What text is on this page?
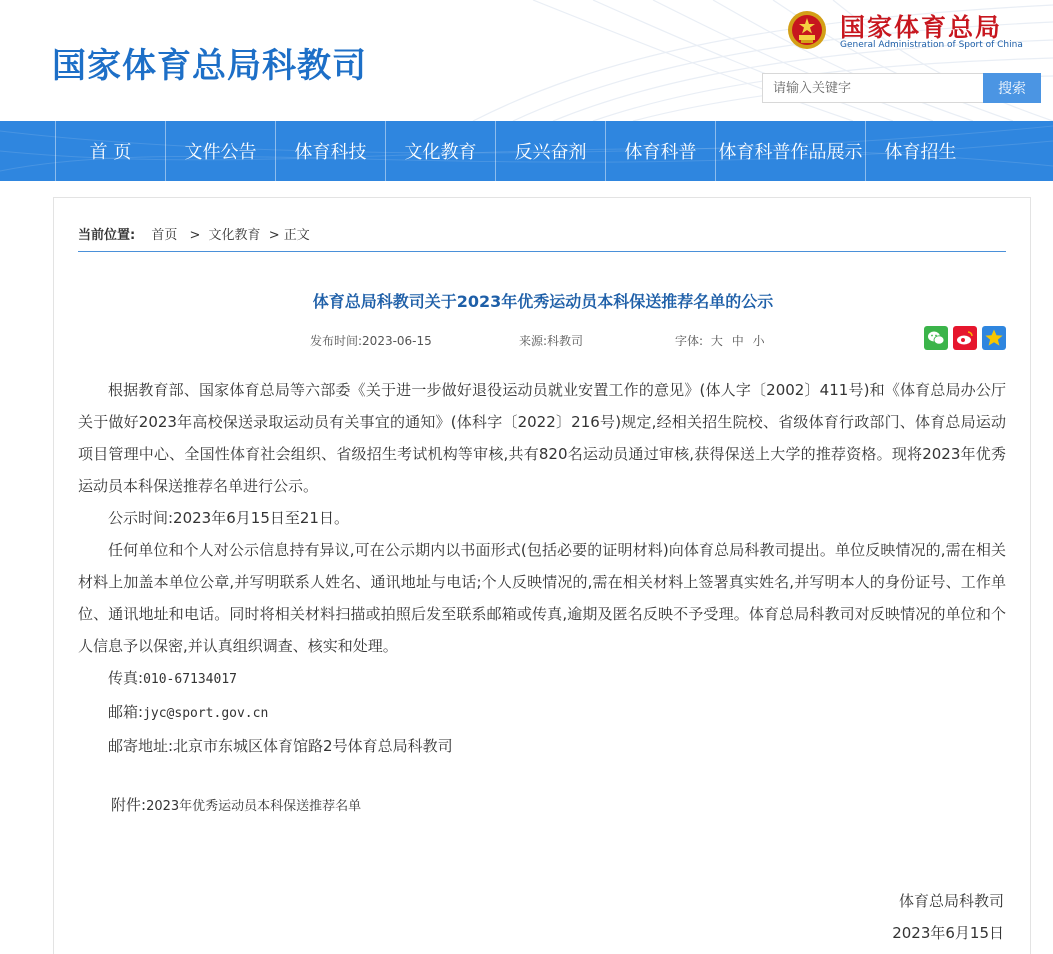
国家体育总局科教司
国家体育总局
General Administration of Sport of China
请输入关键字
搜索
首 页	文件公告	体育科技	文化教育	反兴奋剂	体育科普	体育科普作品展示	体育招生
当前位置: 首页 > 文化教育 > 正文
体育总局科教司关于2023年优秀运动员本科保送推荐名单的公示
发布时间:2023-06-15	来源:科教司	字体: 大 中 小

根据教育部、国家体育总局等六部委《关于进一步做好退役运动员就业安置工作的意见》(体人字〔2002〕411号)和《体育总局办公厅关于做好2023年高校保送录取运动员有关事宜的通知》(体科字〔2022〕216号)规定,经相关招生院校、省级体育行政部门、体育总局运动项目管理中心、全国性体育社会组织、省级招生考试机构等审核,共有820名运动员通过审核,获得保送上大学的推荐资格。现将2023年优秀运动员本科保送推荐名单进行公示。

公示时间:2023年6月15日至21日。

任何单位和个人对公示信息持有异议,可在公示期内以书面形式(包括必要的证明材料)向体育总局科教司提出。单位反映情况的,需在相关材料上加盖本单位公章,并写明联系人姓名、通讯地址与电话;个人反映情况的,需在相关材料上签署真实姓名,并写明本人的身份证号、工作单位、通讯地址和电话。同时将相关材料扫描或拍照后发至联系邮箱或传真,逾期及匿名反映不予受理。体育总局科教司对反映情况的单位和个人信息予以保密,并认真组织调查、核实和处理。

传真:010-67134017

邮箱:jyc@sport.gov.cn

邮寄地址:北京市东城区体育馆路2号体育总局科教司

附件:2023年优秀运动员本科保送推荐名单
体育总局科教司
2023年6月15日
